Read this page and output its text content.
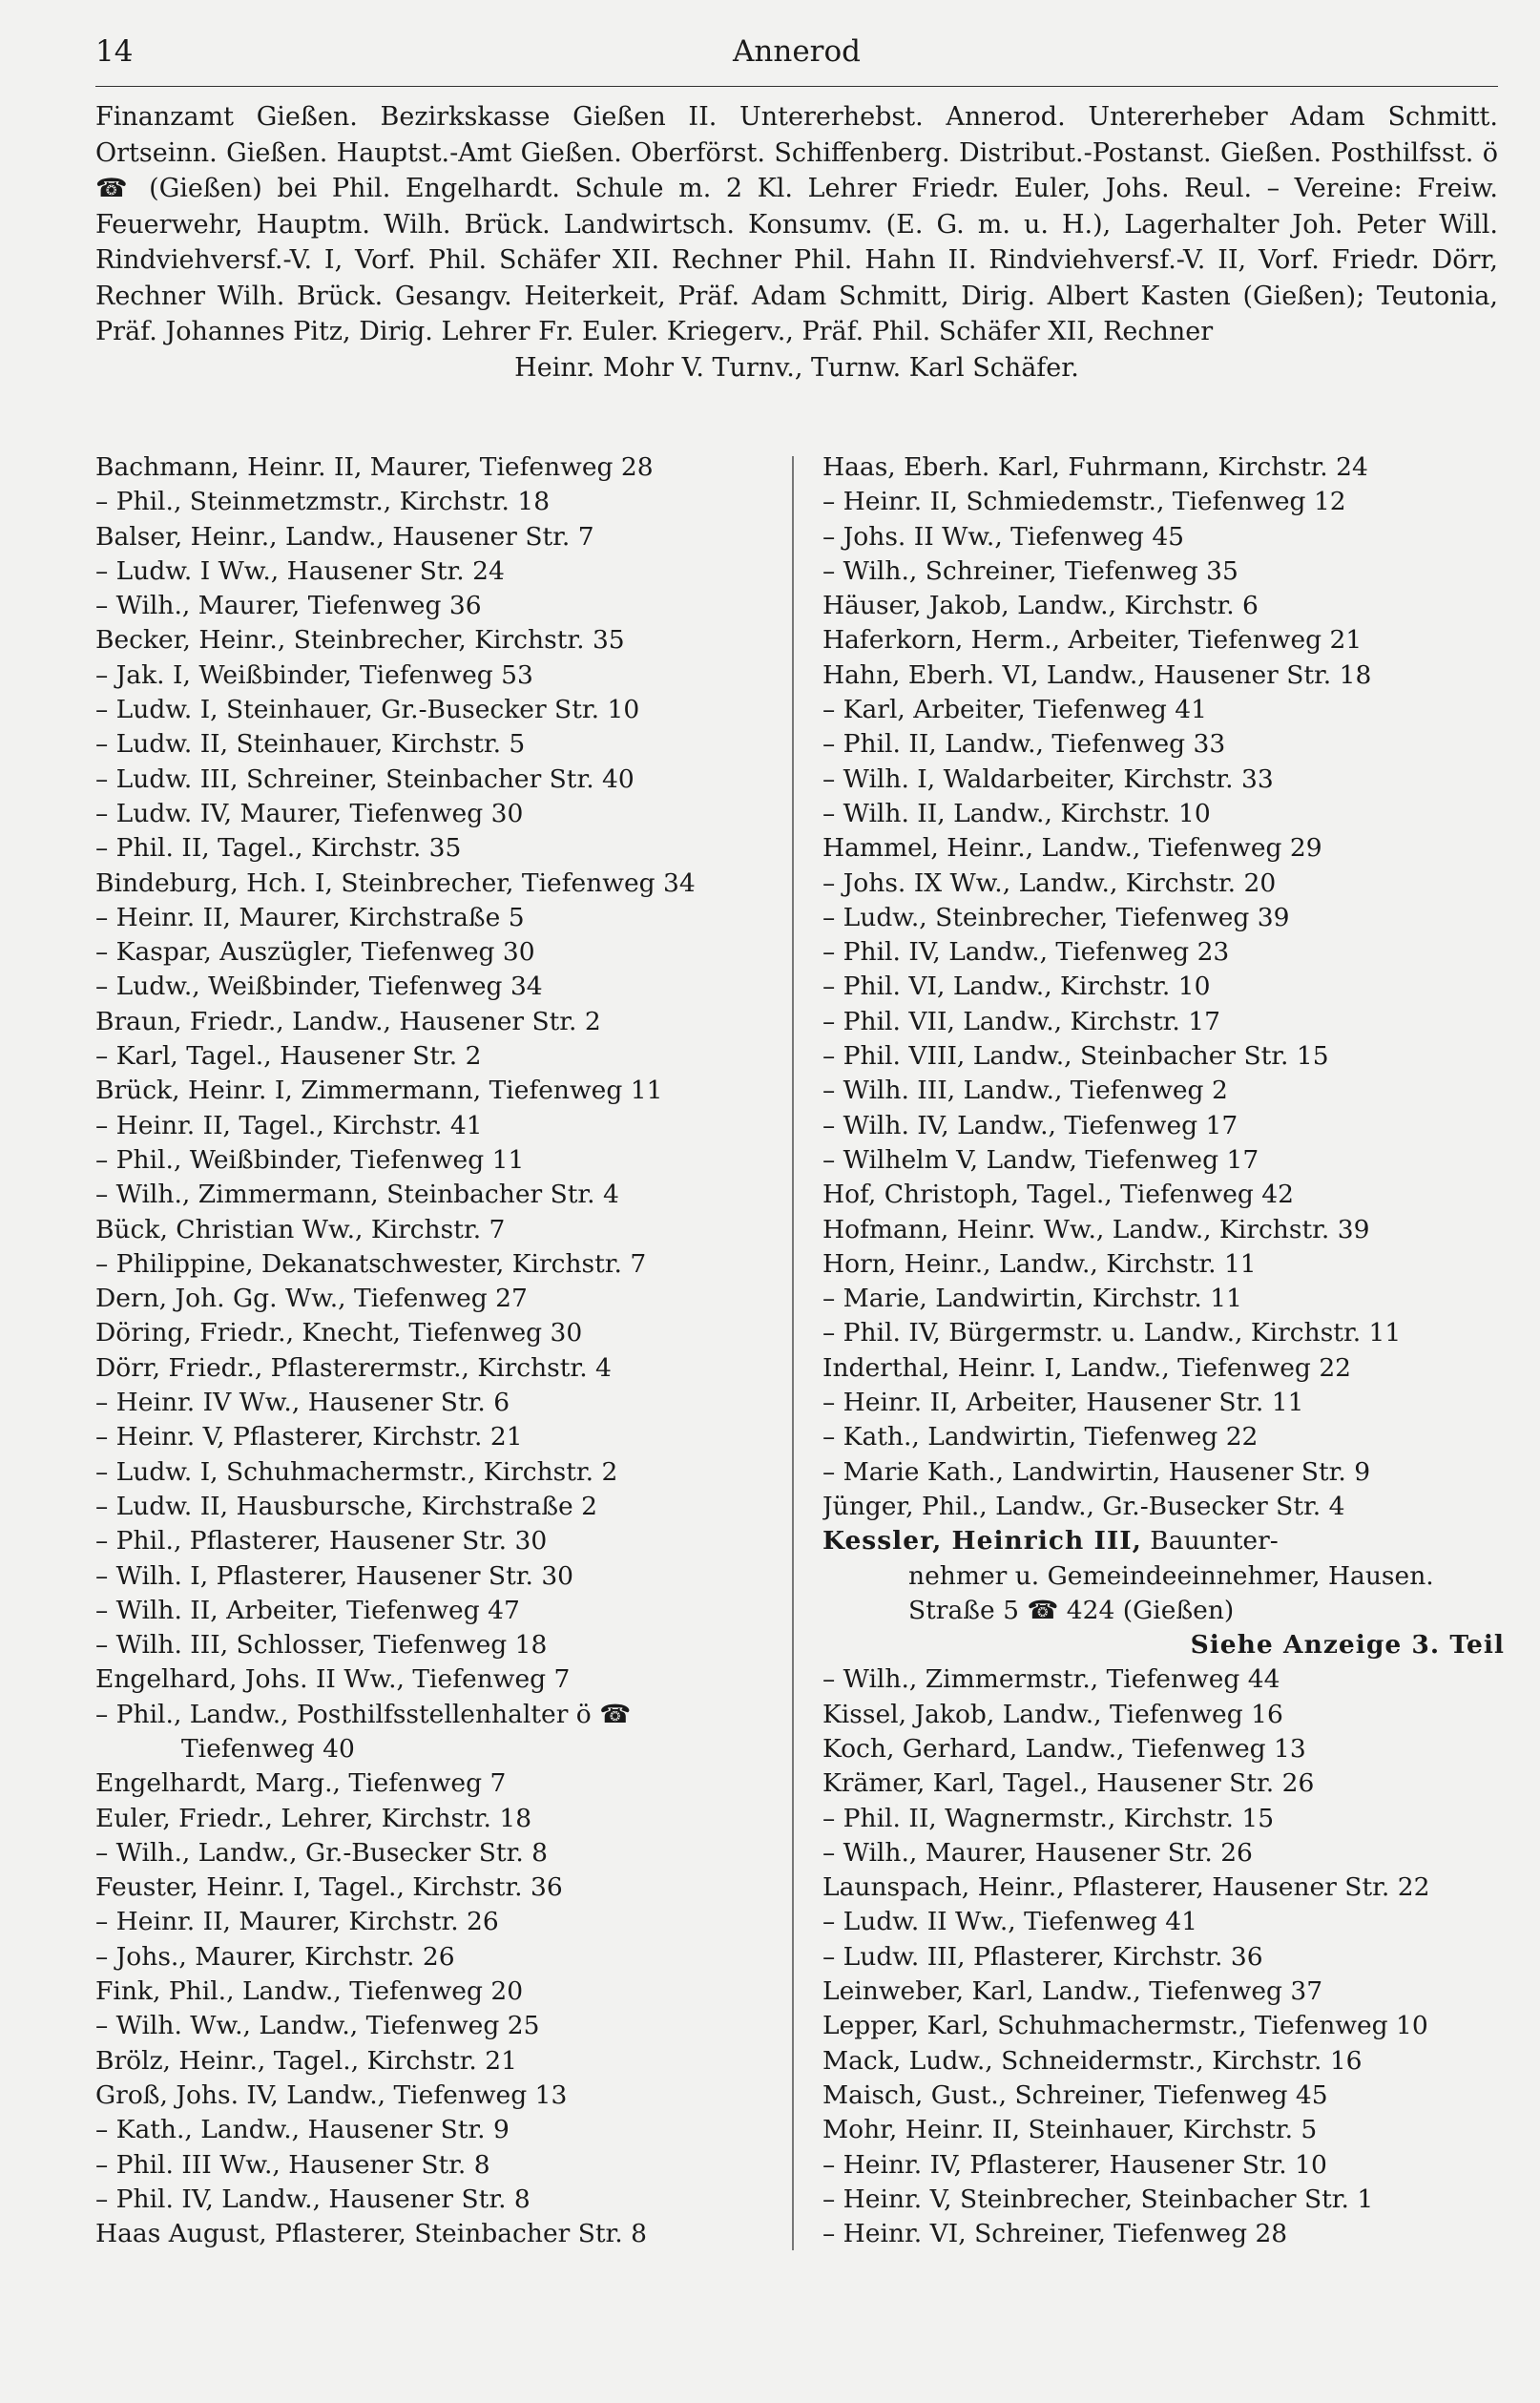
14	Annerod
Finanzamt Gießen. Bezirkskasse Gießen II. Untererhebst. Annerod. Untererheber Adam Schmitt. Ortseinn. Gießen. Hauptst.-Amt Gießen. Oberförst. Schiffenberg. Distribut.-Postanst. Gießen. Posthilfsst. ö ☎ (Gießen) bei Phil. Engelhardt. Schule m. 2 Kl. Lehrer Friedr. Euler, Johs. Reul. – Vereine: Freiw. Feuerwehr, Hauptm. Wilh. Brück. Landwirtsch. Konsumv. (E. G. m. u. H.), Lagerhalter Joh. Peter Will. Rindviehversf.-V. I, Vorf. Phil. Schäfer XII. Rechner Phil. Hahn II. Rindviehversf.-V. II, Vorf. Friedr. Dörr, Rechner Wilh. Brück. Gesangv. Heiterkeit, Präf. Adam Schmitt, Dirig. Albert Kasten (Gießen); Teutonia, Präf. Johannes Pitz, Dirig. Lehrer Fr. Euler. Kriegerv., Präf. Phil. Schäfer XII, Rechner
Heinr. Mohr V. Turnv., Turnw. Karl Schäfer.
Bachmann, Heinr. II, Maurer, Tiefenweg 28
– Phil., Steinmetzmstr., Kirchstr. 18
Balser, Heinr., Landw., Hausener Str. 7
– Ludw. I Ww., Hausener Str. 24
– Wilh., Maurer, Tiefenweg 36
Becker, Heinr., Steinbrecher, Kirchstr. 35
– Jak. I, Weißbinder, Tiefenweg 53
– Ludw. I, Steinhauer, Gr.-Busecker Str. 10
– Ludw. II, Steinhauer, Kirchstr. 5
– Ludw. III, Schreiner, Steinbacher Str. 40
– Ludw. IV, Maurer, Tiefenweg 30
– Phil. II, Tagel., Kirchstr. 35
Bindeburg, Hch. I, Steinbrecher, Tiefenweg 34
– Heinr. II, Maurer, Kirchstraße 5
– Kaspar, Auszügler, Tiefenweg 30
– Ludw., Weißbinder, Tiefenweg 34
Braun, Friedr., Landw., Hausener Str. 2
– Karl, Tagel., Hausener Str. 2
Brück, Heinr. I, Zimmermann, Tiefenweg 11
– Heinr. II, Tagel., Kirchstr. 41
– Phil., Weißbinder, Tiefenweg 11
– Wilh., Zimmermann, Steinbacher Str. 4
Bück, Christian Ww., Kirchstr. 7
– Philippine, Dekanatschwester, Kirchstr. 7
Dern, Joh. Gg. Ww., Tiefenweg 27
Döring, Friedr., Knecht, Tiefenweg 30
Dörr, Friedr., Pflasterermstr., Kirchstr. 4
– Heinr. IV Ww., Hausener Str. 6
– Heinr. V, Pflasterer, Kirchstr. 21
– Ludw. I, Schuhmachermstr., Kirchstr. 2
– Ludw. II, Hausbursche, Kirchstraße 2
– Phil., Pflasterer, Hausener Str. 30
– Wilh. I, Pflasterer, Hausener Str. 30
– Wilh. II, Arbeiter, Tiefenweg 47
– Wilh. III, Schlosser, Tiefenweg 18
Engelhard, Johs. II Ww., Tiefenweg 7
– Phil., Landw., Posthilfsstellenhalter ö ☎
Tiefenweg 40
Engelhardt, Marg., Tiefenweg 7
Euler, Friedr., Lehrer, Kirchstr. 18
– Wilh., Landw., Gr.-Busecker Str. 8
Feuster, Heinr. I, Tagel., Kirchstr. 36
– Heinr. II, Maurer, Kirchstr. 26
– Johs., Maurer, Kirchstr. 26
Fink, Phil., Landw., Tiefenweg 20
– Wilh. Ww., Landw., Tiefenweg 25
Brölz, Heinr., Tagel., Kirchstr. 21
Groß, Johs. IV, Landw., Tiefenweg 13
– Kath., Landw., Hausener Str. 9
– Phil. III Ww., Hausener Str. 8
– Phil. IV, Landw., Hausener Str. 8
Haas August, Pflasterer, Steinbacher Str. 8
Haas, Eberh. Karl, Fuhrmann, Kirchstr. 24
– Heinr. II, Schmiedemstr., Tiefenweg 12
– Johs. II Ww., Tiefenweg 45
– Wilh., Schreiner, Tiefenweg 35
Häuser, Jakob, Landw., Kirchstr. 6
Haferkorn, Herm., Arbeiter, Tiefenweg 21
Hahn, Eberh. VI, Landw., Hausener Str. 18
– Karl, Arbeiter, Tiefenweg 41
– Phil. II, Landw., Tiefenweg 33
– Wilh. I, Waldarbeiter, Kirchstr. 33
– Wilh. II, Landw., Kirchstr. 10
Hammel, Heinr., Landw., Tiefenweg 29
– Johs. IX Ww., Landw., Kirchstr. 20
– Ludw., Steinbrecher, Tiefenweg 39
– Phil. IV, Landw., Tiefenweg 23
– Phil. VI, Landw., Kirchstr. 10
– Phil. VII, Landw., Kirchstr. 17
– Phil. VIII, Landw., Steinbacher Str. 15
– Wilh. III, Landw., Tiefenweg 2
– Wilh. IV, Landw., Tiefenweg 17
– Wilhelm V, Landw, Tiefenweg 17
Hof, Christoph, Tagel., Tiefenweg 42
Hofmann, Heinr. Ww., Landw., Kirchstr. 39
Horn, Heinr., Landw., Kirchstr. 11
– Marie, Landwirtin, Kirchstr. 11
– Phil. IV, Bürgermstr. u. Landw., Kirchstr. 11
Inderthal, Heinr. I, Landw., Tiefenweg 22
– Heinr. II, Arbeiter, Hausener Str. 11
– Kath., Landwirtin, Tiefenweg 22
– Marie Kath., Landwirtin, Hausener Str. 9
Jünger, Phil., Landw., Gr.-Busecker Str. 4
Kessler, Heinrich III, Bauunter-
nehmer u. Gemeindeeinnehmer, Hausen.
Straße 5 ☎ 424 (Gießen)
Siehe Anzeige 3. Teil
– Wilh., Zimmermstr., Tiefenweg 44
Kissel, Jakob, Landw., Tiefenweg 16
Koch, Gerhard, Landw., Tiefenweg 13
Krämer, Karl, Tagel., Hausener Str. 26
– Phil. II, Wagnermstr., Kirchstr. 15
– Wilh., Maurer, Hausener Str. 26
Launspach, Heinr., Pflasterer, Hausener Str. 22
– Ludw. II Ww., Tiefenweg 41
– Ludw. III, Pflasterer, Kirchstr. 36
Leinweber, Karl, Landw., Tiefenweg 37
Lepper, Karl, Schuhmachermstr., Tiefenweg 10
Mack, Ludw., Schneidermstr., Kirchstr. 16
Maisch, Gust., Schreiner, Tiefenweg 45
Mohr, Heinr. II, Steinhauer, Kirchstr. 5
– Heinr. IV, Pflasterer, Hausener Str. 10
– Heinr. V, Steinbrecher, Steinbacher Str. 1
– Heinr. VI, Schreiner, Tiefenweg 28
